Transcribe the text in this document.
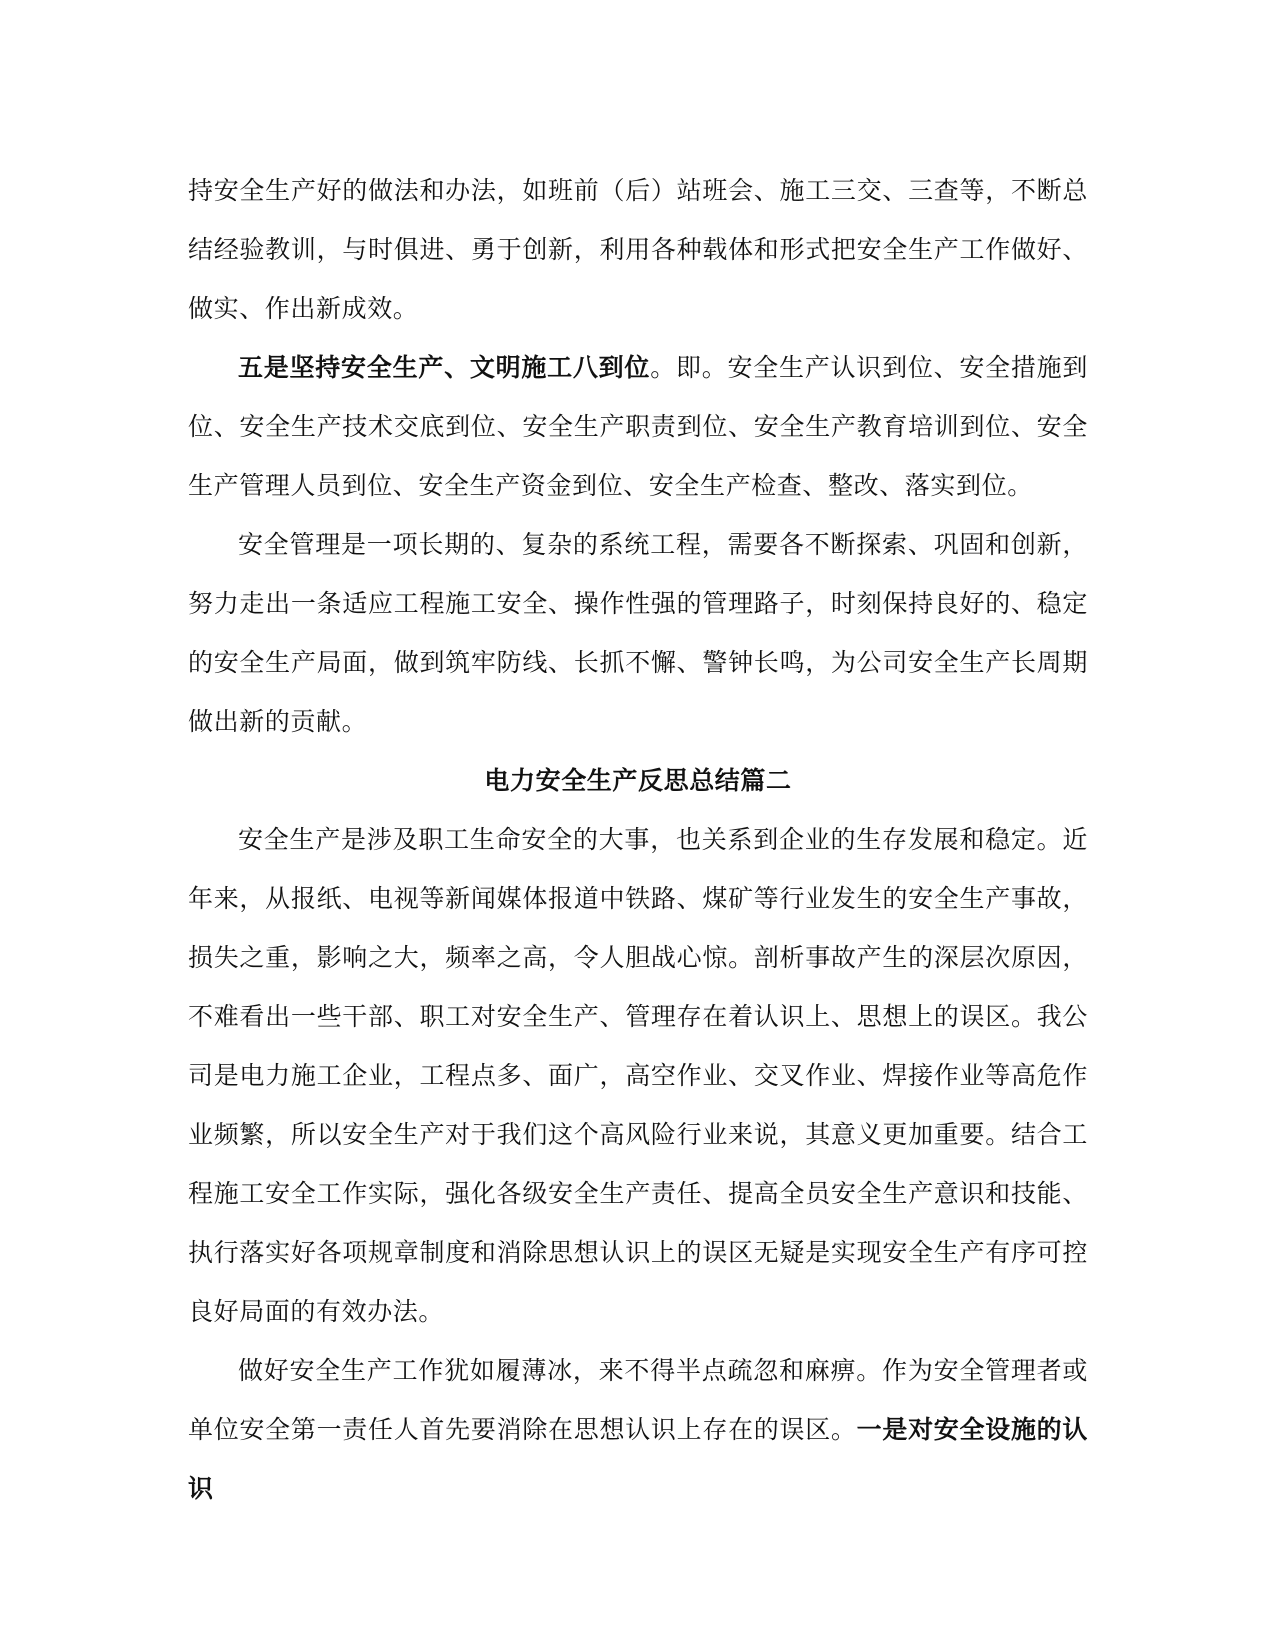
持安全生产好的做法和办法，如班前（后）站班会、施工三交、三查等，不断总结经验教训，与时俱进、勇于创新，利用各种载体和形式把安全生产工作做好、做实、作出新成效。

五是坚持安全生产、文明施工八到位。即。安全生产认识到位、安全措施到位、安全生产技术交底到位、安全生产职责到位、安全生产教育培训到位、安全生产管理人员到位、安全生产资金到位、安全生产检查、整改、落实到位。

安全管理是一项长期的、复杂的系统工程，需要各不断探索、巩固和创新，努力走出一条适应工程施工安全、操作性强的管理路子，时刻保持良好的、稳定的安全生产局面，做到筑牢防线、长抓不懈、警钟长鸣，为公司安全生产长周期做出新的贡献。

电力安全生产反思总结篇二

安全生产是涉及职工生命安全的大事，也关系到企业的生存发展和稳定。近年来，从报纸、电视等新闻媒体报道中铁路、煤矿等行业发生的安全生产事故，损失之重，影响之大，频率之高，令人胆战心惊。剖析事故产生的深层次原因，不难看出一些干部、职工对安全生产、管理存在着认识上、思想上的误区。我公司是电力施工企业，工程点多、面广，高空作业、交叉作业、焊接作业等高危作业频繁，所以安全生产对于我们这个高风险行业来说，其意义更加重要。结合工程施工安全工作实际，强化各级安全生产责任、提高全员安全生产意识和技能、执行落实好各项规章制度和消除思想认识上的误区无疑是实现安全生产有序可控良好局面的有效办法。

做好安全生产工作犹如履薄冰，来不得半点疏忽和麻痹。作为安全管理者或单位安全第一责任人首先要消除在思想认识上存在的误区。一是对安全设施的认识
